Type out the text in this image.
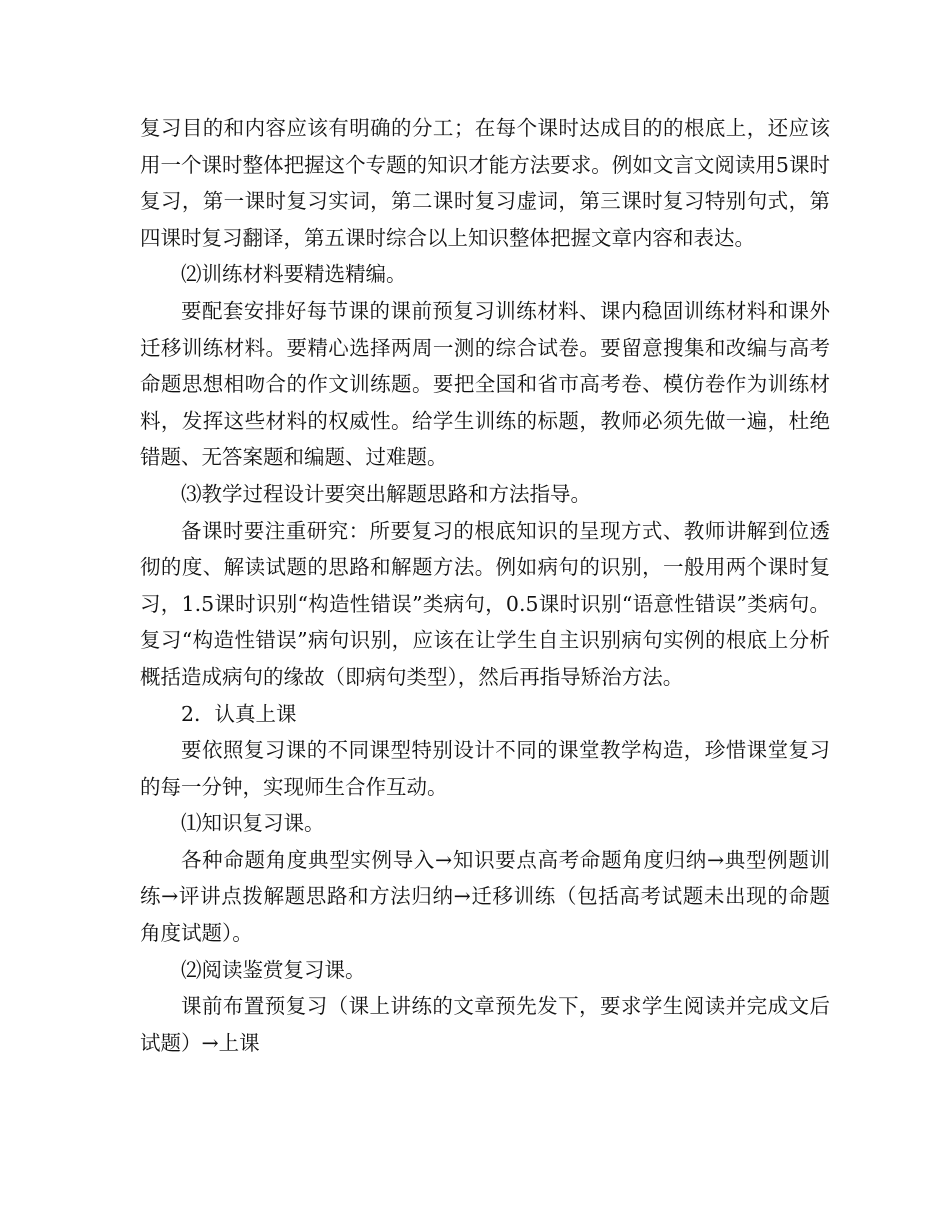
复习目的和内容应该有明确的分工；在每个课时达成目的的根底上，还应该用一个课时整体把握这个专题的知识才能方法要求。例如文言文阅读用5课时复习，第一课时复习实词，第二课时复习虚词，第三课时复习特别句式，第四课时复习翻译，第五课时综合以上知识整体把握文章内容和表达。

⑵训练材料要精选精编。

要配套安排好每节课的课前预复习训练材料、课内稳固训练材料和课外迁移训练材料。要精心选择两周一测的综合试卷。要留意搜集和改编与高考命题思想相吻合的作文训练题。要把全国和省市高考卷、模仿卷作为训练材料，发挥这些材料的权威性。给学生训练的标题，教师必须先做一遍，杜绝错题、无答案题和编题、过难题。

⑶教学过程设计要突出解题思路和方法指导。

备课时要注重研究：所要复习的根底知识的呈现方式、教师讲解到位透彻的度、解读试题的思路和解题方法。例如病句的识别，一般用两个课时复习，1.5课时识别“构造性错误”类病句，0.5课时识别“语意性错误”类病句。复习“构造性错误”病句识别，应该在让学生自主识别病句实例的根底上分析概括造成病句的缘故（即病句类型），然后再指导矫治方法。

2．认真上课

要依照复习课的不同课型特别设计不同的课堂教学构造，珍惜课堂复习的每一分钟，实现师生合作互动。

⑴知识复习课。

各种命题角度典型实例导入→知识要点高考命题角度归纳→典型例题训练→评讲点拨解题思路和方法归纳→迁移训练（包括高考试题未出现的命题角度试题）。

⑵阅读鉴赏复习课。

课前布置预复习（课上讲练的文章预先发下，要求学生阅读并完成文后试题）→上课
